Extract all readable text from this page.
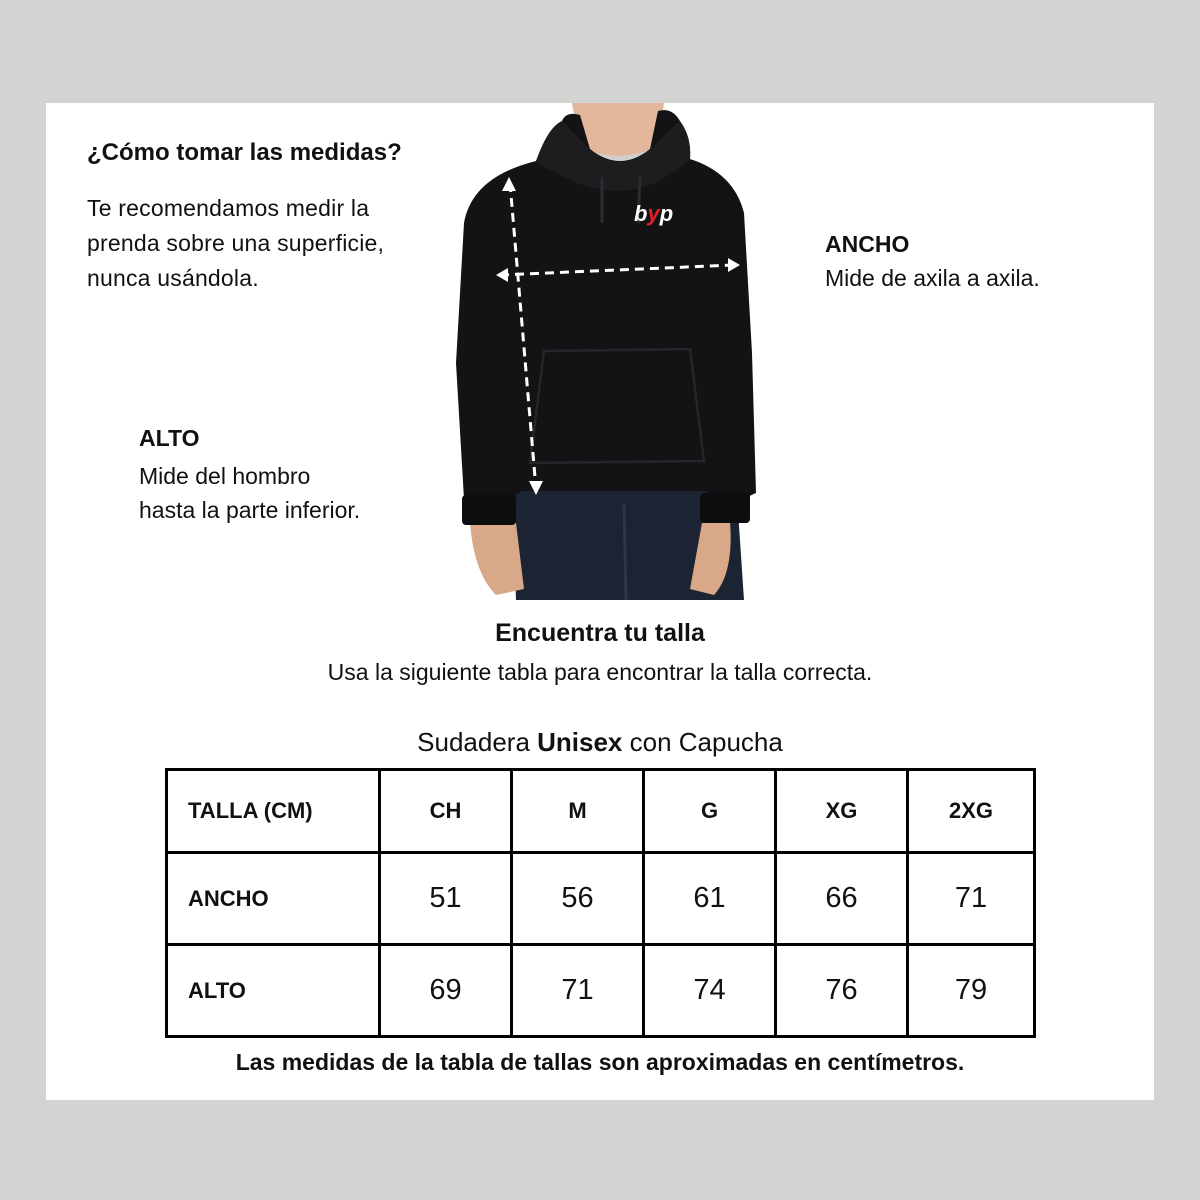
¿Cómo tomar las medidas?
Te recomendamos medir la
prenda sobre una superficie,
nunca usándola.
ALTO
Mide del hombro
hasta la parte inferior.
ANCHO
Mide de axila a axila.
byp
Encuentra tu talla
Usa la siguiente tabla para encontrar la talla correcta.
Sudadera Unisex con Capucha
TALLA (CM)	CH	M	G	XG	2XG
ANCHO	51	56	61	66	71
ALTO	69	71	74	76	79
Las medidas de la tabla de tallas son aproximadas en centímetros.
